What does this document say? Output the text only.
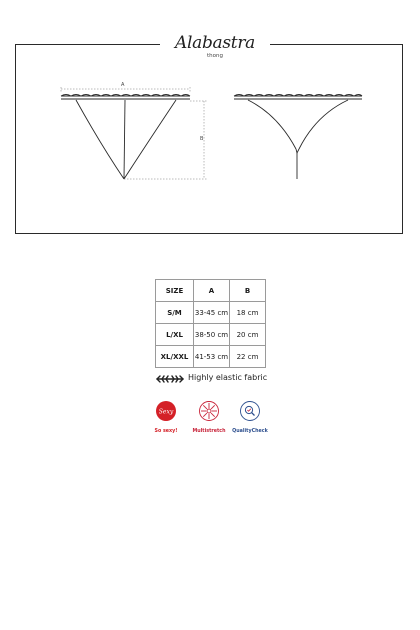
A
B
Alabastra
thong
SIZE	A	B
S/M	33-45 cm	18 cm
L/XL	38-50 cm	20 cm
XL/XXL	41-53 cm	22 cm
Highly elastic fabric
Sexy
So sexy!	Multistretch	QualityCheck
